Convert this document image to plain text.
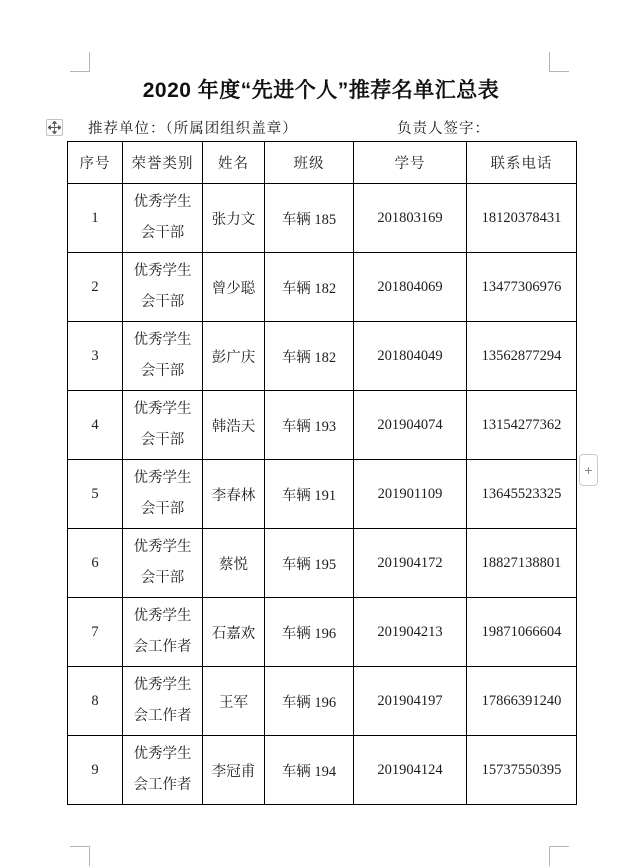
2020 年度“先进个人”推荐名单汇总表
推荐单位：（所属团组织盖章）	负责人签字：
序号	荣誉类别	姓名	班级	学号	联系电话
1	优秀学生会干部	张力文	车辆 185	201803169	18120378431
2	优秀学生会干部	曾少聪	车辆 182	201804069	13477306976
3	优秀学生会干部	彭广庆	车辆 182	201804049	13562877294
4	优秀学生会干部	韩浩天	车辆 193	201904074	13154277362
5	优秀学生会干部	李春林	车辆 191	201901109	13645523325
6	优秀学生会干部	蔡悦	车辆 195	201904172	18827138801
7	优秀学生会工作者	石嘉欢	车辆 196	201904213	19871066604
8	优秀学生会工作者	王军	车辆 196	201904197	17866391240
9	优秀学生会工作者	李冠甫	车辆 194	201904124	15737550395
+
